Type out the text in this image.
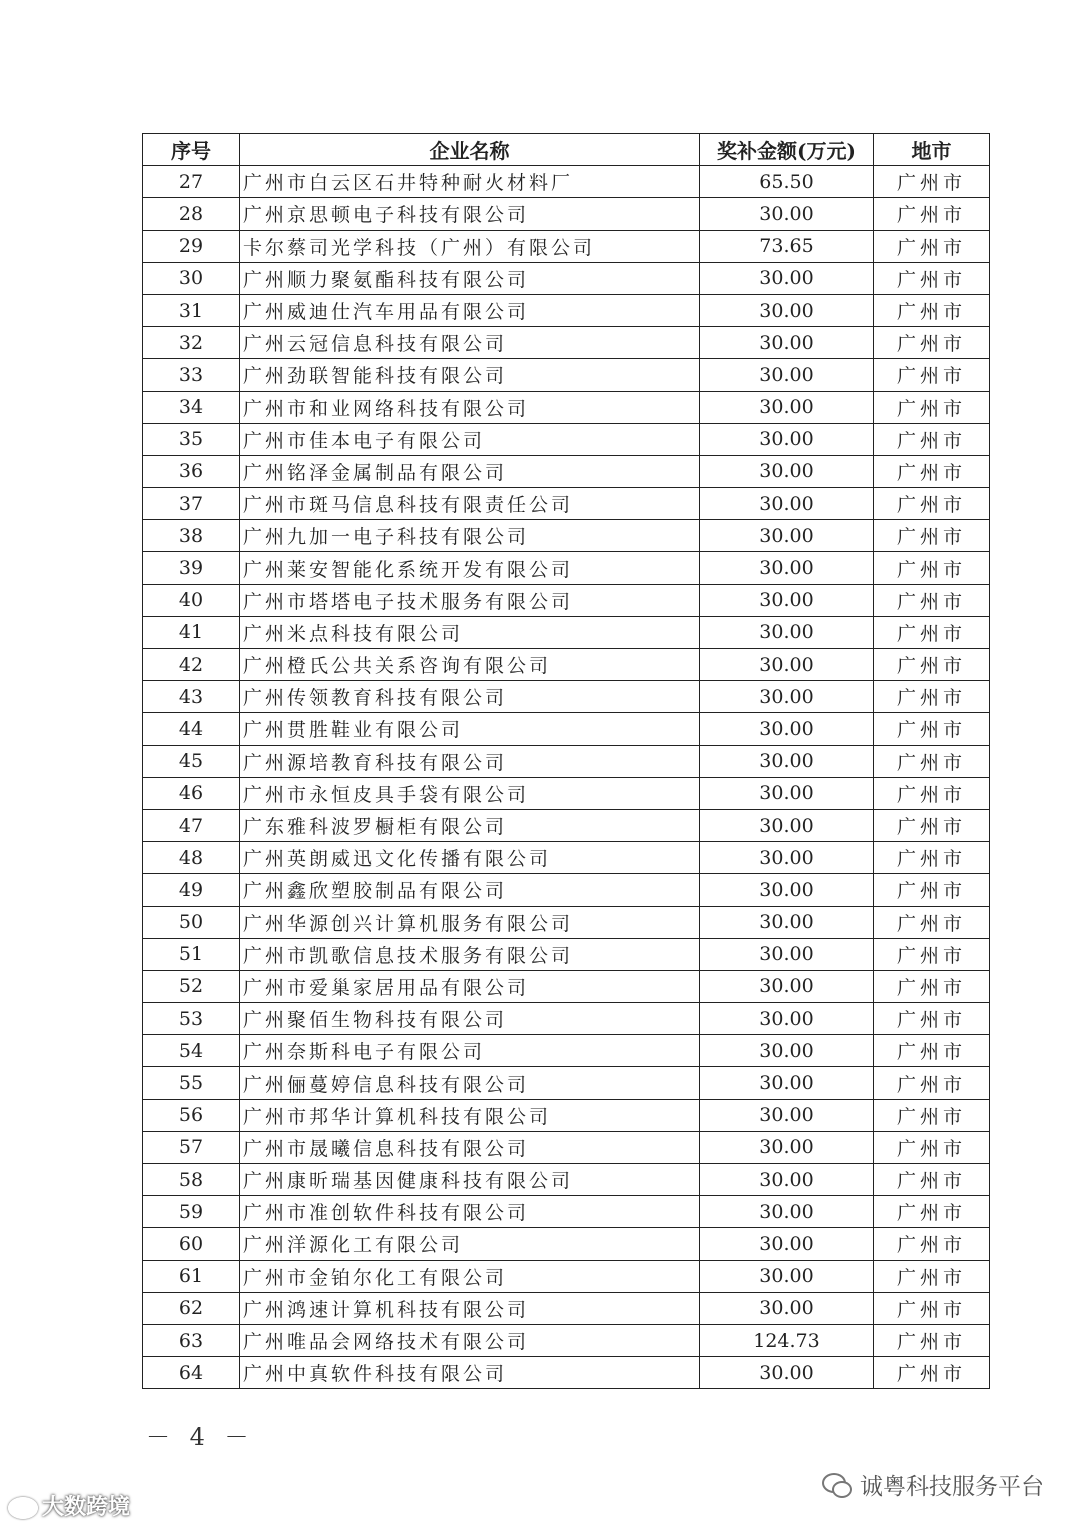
序号	企业名称	奖补金额(万元)	地市
27	广州市白云区石井特种耐火材料厂	65.50	广州市
28	广州京思顿电子科技有限公司	30.00	广州市
29	卡尔蔡司光学科技（广州）有限公司	73.65	广州市
30	广州顺力聚氨酯科技有限公司	30.00	广州市
31	广州威迪仕汽车用品有限公司	30.00	广州市
32	广州云冠信息科技有限公司	30.00	广州市
33	广州劲联智能科技有限公司	30.00	广州市
34	广州市和业网络科技有限公司	30.00	广州市
35	广州市佳本电子有限公司	30.00	广州市
36	广州铭泽金属制品有限公司	30.00	广州市
37	广州市斑马信息科技有限责任公司	30.00	广州市
38	广州九加一电子科技有限公司	30.00	广州市
39	广州莱安智能化系统开发有限公司	30.00	广州市
40	广州市塔塔电子技术服务有限公司	30.00	广州市
41	广州米点科技有限公司	30.00	广州市
42	广州橙氏公共关系咨询有限公司	30.00	广州市
43	广州传领教育科技有限公司	30.00	广州市
44	广州贯胜鞋业有限公司	30.00	广州市
45	广州源培教育科技有限公司	30.00	广州市
46	广州市永恒皮具手袋有限公司	30.00	广州市
47	广东雅科波罗橱柜有限公司	30.00	广州市
48	广州英朗威迅文化传播有限公司	30.00	广州市
49	广州鑫欣塑胶制品有限公司	30.00	广州市
50	广州华源创兴计算机服务有限公司	30.00	广州市
51	广州市凯歌信息技术服务有限公司	30.00	广州市
52	广州市爱巢家居用品有限公司	30.00	广州市
53	广州聚佰生物科技有限公司	30.00	广州市
54	广州奈斯科电子有限公司	30.00	广州市
55	广州俪蔓婷信息科技有限公司	30.00	广州市
56	广州市邦华计算机科技有限公司	30.00	广州市
57	广州市晟曦信息科技有限公司	30.00	广州市
58	广州康昕瑞基因健康科技有限公司	30.00	广州市
59	广州市准创软件科技有限公司	30.00	广州市
60	广州洋源化工有限公司	30.00	广州市
61	广州市金铂尔化工有限公司	30.00	广州市
62	广州鸿速计算机科技有限公司	30.00	广州市
63	广州唯品会网络技术有限公司	124.73	广州市
64	广州中真软件科技有限公司	30.00	广州市
－ 4 －
大数跨境
诚粤科技服务平台
